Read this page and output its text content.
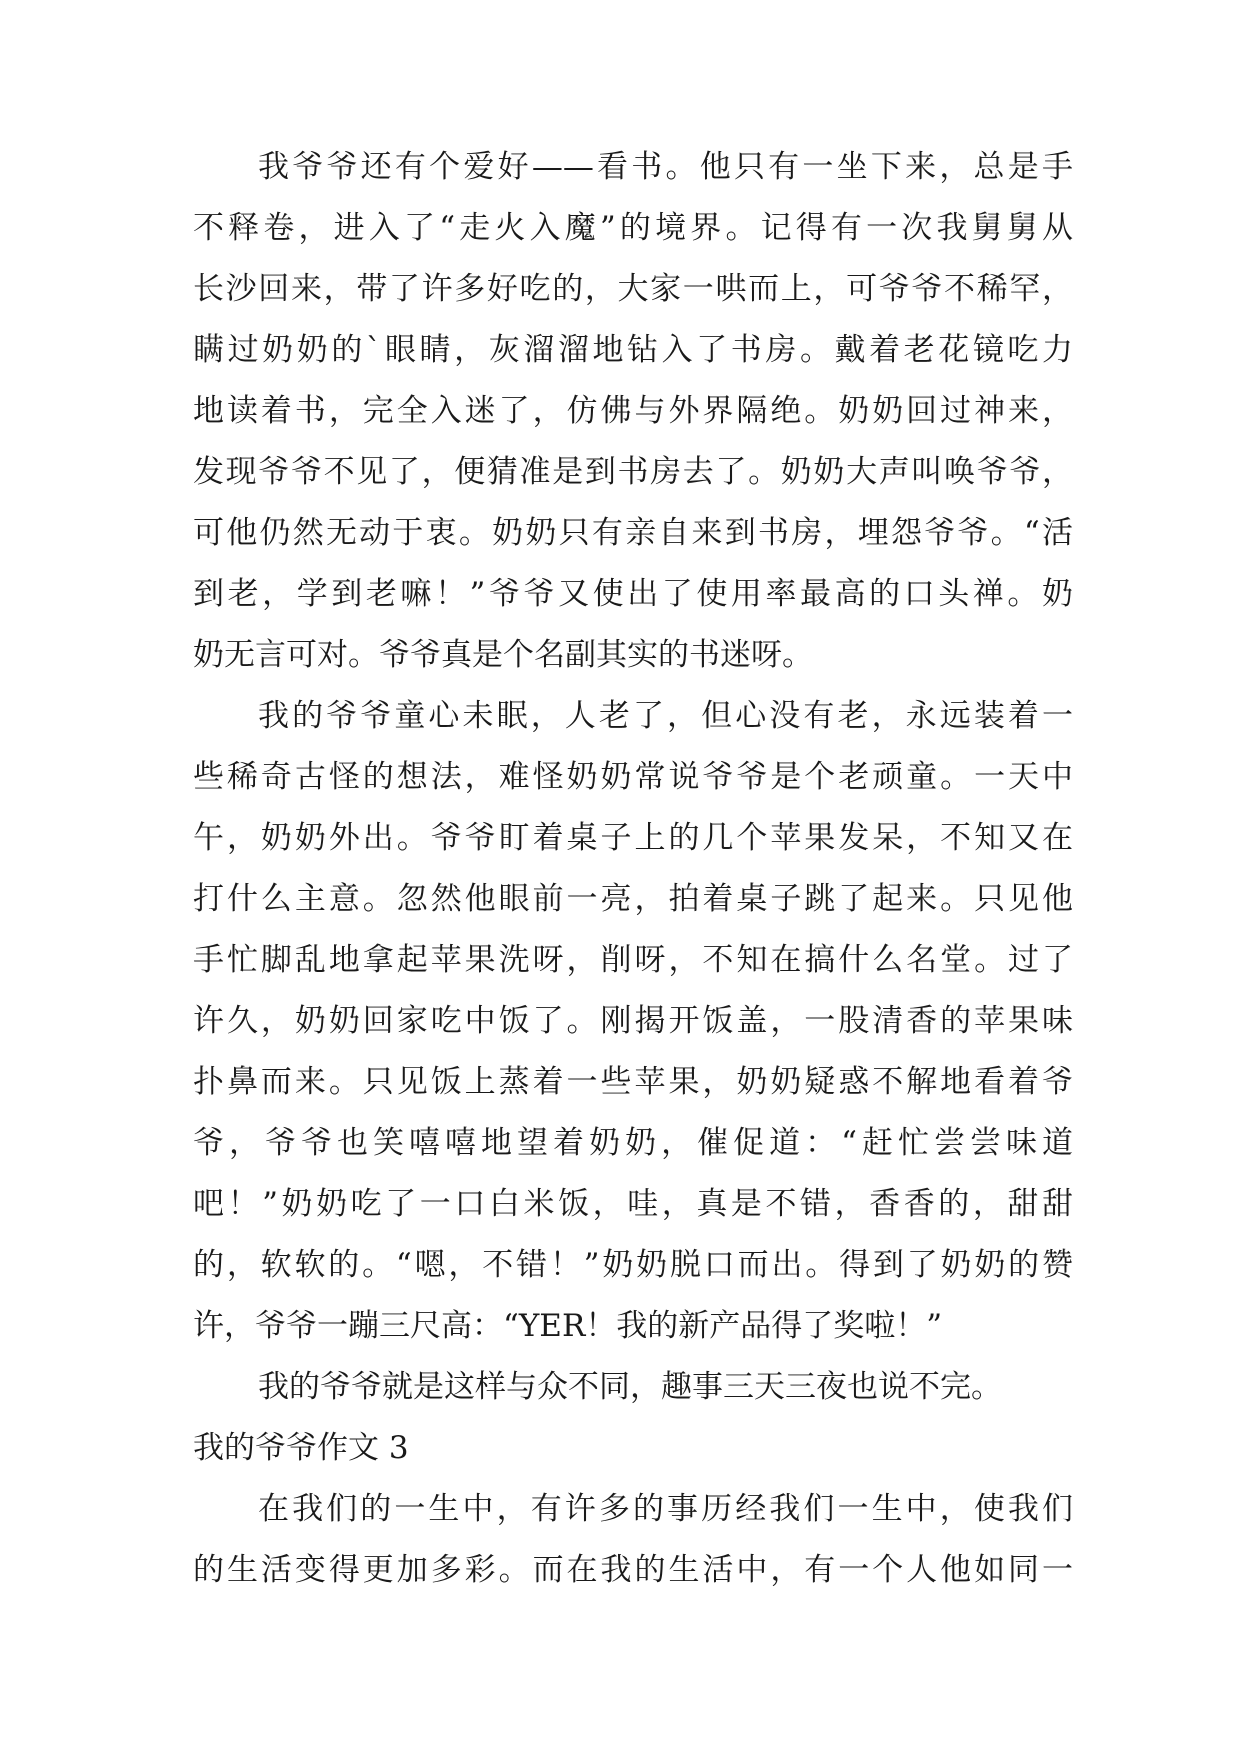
我爷爷还有个爱好——看书。他只有一坐下来，总是手
不释卷，进入了“走火入魔”的境界。记得有一次我舅舅从
长沙回来，带了许多好吃的，大家一哄而上，可爷爷不稀罕，
瞒过奶奶的`眼睛，灰溜溜地钻入了书房。戴着老花镜吃力
地读着书，完全入迷了，仿佛与外界隔绝。奶奶回过神来，
发现爷爷不见了，便猜准是到书房去了。奶奶大声叫唤爷爷，
可他仍然无动于衷。奶奶只有亲自来到书房，埋怨爷爷。“活
到老，学到老嘛！”爷爷又使出了使用率最高的口头禅。奶
奶无言可对。爷爷真是个名副其实的书迷呀。
我的爷爷童心未眠，人老了，但心没有老，永远装着一
些稀奇古怪的想法，难怪奶奶常说爷爷是个老顽童。一天中
午，奶奶外出。爷爷盯着桌子上的几个苹果发呆，不知又在
打什么主意。忽然他眼前一亮，拍着桌子跳了起来。只见他
手忙脚乱地拿起苹果洗呀，削呀，不知在搞什么名堂。过了
许久，奶奶回家吃中饭了。刚揭开饭盖，一股清香的苹果味
扑鼻而来。只见饭上蒸着一些苹果，奶奶疑惑不解地看着爷
爷，爷爷也笑嘻嘻地望着奶奶，催促道：“赶忙尝尝味道
吧！”奶奶吃了一口白米饭，哇，真是不错，香香的，甜甜
的，软软的。“嗯，不错！”奶奶脱口而出。得到了奶奶的赞
许，爷爷一蹦三尺高：“YER！我的新产品得了奖啦！”
我的爷爷就是这样与众不同，趣事三天三夜也说不完。
我的爷爷作文 3
在我们的一生中，有许多的事历经我们一生中，使我们
的生活变得更加多彩。而在我的生活中，有一个人他如同一
